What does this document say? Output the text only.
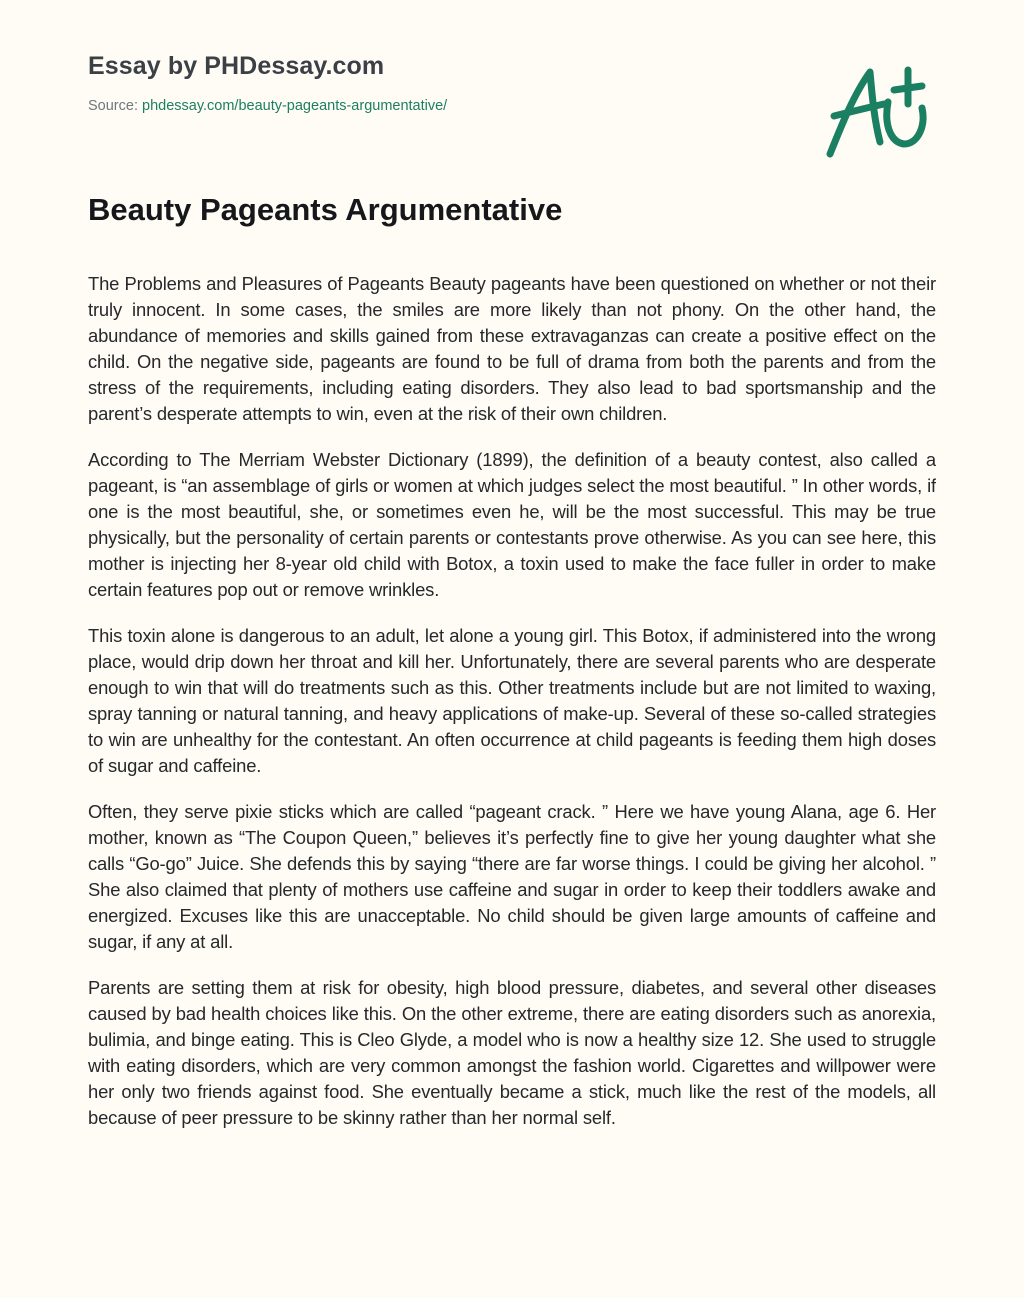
Essay by PHDessay.com
Source: phdessay.com/beauty-pageants-argumentative/
Beauty Pageants Argumentative

The Problems and Pleasures of Pageants Beauty pageants have been questioned on whether or not their truly innocent. In some cases, the smiles are more likely than not phony. On the other hand, the abundance of memories and skills gained from these extravaganzas can create a positive effect on the child. On the negative side, pageants are found to be full of drama from both the parents and from the stress of the requirements, including eating disorders. They also lead to bad sportsmanship and the parent’s desperate attempts to win, even at the risk of their own children.

According to The Merriam Webster Dictionary (1899), the definition of a beauty contest, also called a pageant, is “an assemblage of girls or women at which judges select the most beautiful. ” In other words, if one is the most beautiful, she, or sometimes even he, will be the most successful. This may be true physically, but the personality of certain parents or contestants prove otherwise. As you can see here, this mother is injecting her 8-year old child with Botox, a toxin used to make the face fuller in order to make certain features pop out or remove wrinkles.

This toxin alone is dangerous to an adult, let alone a young girl. This Botox, if administered into the wrong place, would drip down her throat and kill her. Unfortunately, there are several parents who are desperate enough to win that will do treatments such as this. Other treatments include but are not limited to waxing, spray tanning or natural tanning, and heavy applications of make-up. Several of these so-called strategies to win are unhealthy for the contestant. An often occurrence at child pageants is feeding them high doses of sugar and caffeine.

Often, they serve pixie sticks which are called “pageant crack. ” Here we have young Alana, age 6. Her mother, known as “The Coupon Queen,” believes it’s perfectly fine to give her young daughter what she calls “Go-go” Juice. She defends this by saying “there are far worse things. I could be giving her alcohol. ” She also claimed that plenty of mothers use caffeine and sugar in order to keep their toddlers awake and energized. Excuses like this are unacceptable. No child should be given large amounts of caffeine and sugar, if any at all.

Parents are setting them at risk for obesity, high blood pressure, diabetes, and several other diseases caused by bad health choices like this. On the other extreme, there are eating disorders such as anorexia, bulimia, and binge eating. This is Cleo Glyde, a model who is now a healthy size 12. She used to struggle with eating disorders, which are very common amongst the fashion world. Cigarettes and willpower were her only two friends against food. She eventually became a stick, much like the rest of the models, all because of peer pressure to be skinny rather than her normal self.
